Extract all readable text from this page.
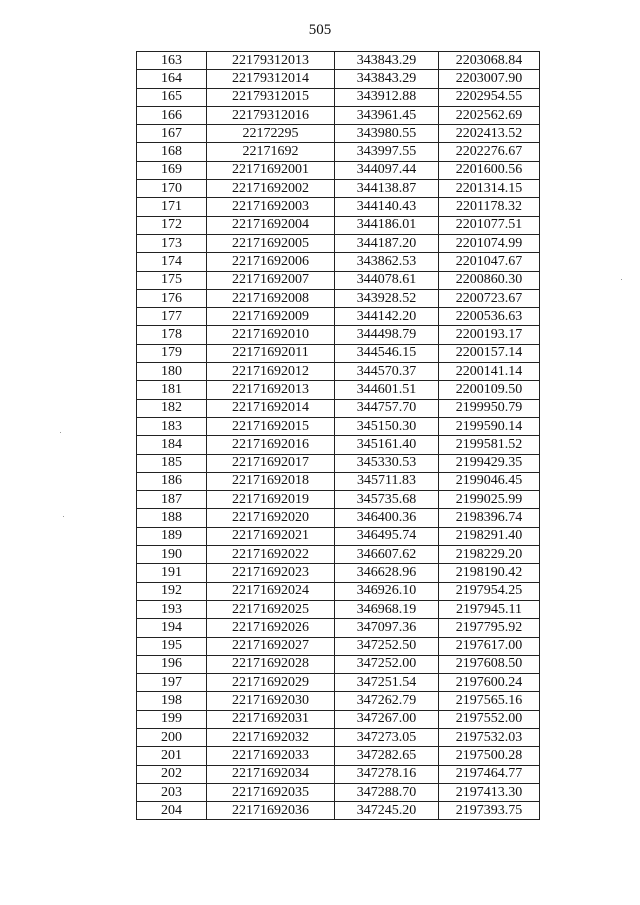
505
163	22179312013	343843.29	2203068.84
164	22179312014	343843.29	2203007.90
165	22179312015	343912.88	2202954.55
166	22179312016	343961.45	2202562.69
167	22172295	343980.55	2202413.52
168	22171692	343997.55	2202276.67
169	22171692001	344097.44	2201600.56
170	22171692002	344138.87	2201314.15
171	22171692003	344140.43	2201178.32
172	22171692004	344186.01	2201077.51
173	22171692005	344187.20	2201074.99
174	22171692006	343862.53	2201047.67
175	22171692007	344078.61	2200860.30
176	22171692008	343928.52	2200723.67
177	22171692009	344142.20	2200536.63
178	22171692010	344498.79	2200193.17
179	22171692011	344546.15	2200157.14
180	22171692012	344570.37	2200141.14
181	22171692013	344601.51	2200109.50
182	22171692014	344757.70	2199950.79
183	22171692015	345150.30	2199590.14
184	22171692016	345161.40	2199581.52
185	22171692017	345330.53	2199429.35
186	22171692018	345711.83	2199046.45
187	22171692019	345735.68	2199025.99
188	22171692020	346400.36	2198396.74
189	22171692021	346495.74	2198291.40
190	22171692022	346607.62	2198229.20
191	22171692023	346628.96	2198190.42
192	22171692024	346926.10	2197954.25
193	22171692025	346968.19	2197945.11
194	22171692026	347097.36	2197795.92
195	22171692027	347252.50	2197617.00
196	22171692028	347252.00	2197608.50
197	22171692029	347251.54	2197600.24
198	22171692030	347262.79	2197565.16
199	22171692031	347267.00	2197552.00
200	22171692032	347273.05	2197532.03
201	22171692033	347282.65	2197500.28
202	22171692034	347278.16	2197464.77
203	22171692035	347288.70	2197413.30
204	22171692036	347245.20	2197393.75
